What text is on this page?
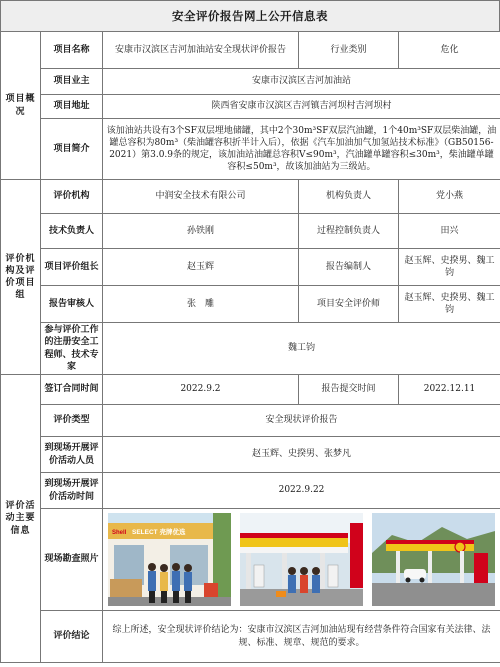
安全评价报告网上公开信息表
项目概况	项目名称	安康市汉滨区吉河加油站安全现状评价报告	行业类别	危化
	项目业主	安康市汉滨区吉河加油站		
	项目地址	陕西省安康市汉滨区吉河镇吉河坝村吉河坝村		
	项目简介	该加油站共设有3个SF双层埋地储罐，其中2个30m³SF双层汽油罐，1个40m³SF双层柴油罐，油罐总容积为80m³（柴油罐容积折半计入后），依据《汽车加油加气加氢站技术标准》（GB50156-2021）第3.0.9条的规定，该加油站油罐总容积V≤90m³，汽油罐单罐容积≤30m³，柴油罐单罐容积≤50m³，故该加油站为三级站。		
评价机构及评价项目组	评价机构	中润安全技术有限公司	机构负责人	党小燕
	技术负责人	孙铁刚	过程控制负责人	田兴
	项目评价组长	赵玉辉	报告编制人	赵玉辉、史揆男、魏工钧
	报告审核人	张　雕	项目安全评价师	赵玉辉、史揆男、魏工钧
	参与评价工作的注册安全工程师、技术专家	魏工钧		
评价活动主要信息	签订合同时间	2022.9.2	报告提交时间	2022.12.11
	评价类型	安全现状评价报告		
	到现场开展评价活动人员	赵玉辉、史揆男、张梦凡		
	到现场开展评价活动时间	2022.9.22		
	现场勘查照片	Shell SELECT 壳牌优选		

	评价结论	综上所述，安全现状评价结论为：安康市汉滨区吉河加油站现有经营条件符合国家有关法律、法规、标准、规章、规范的要求。		
